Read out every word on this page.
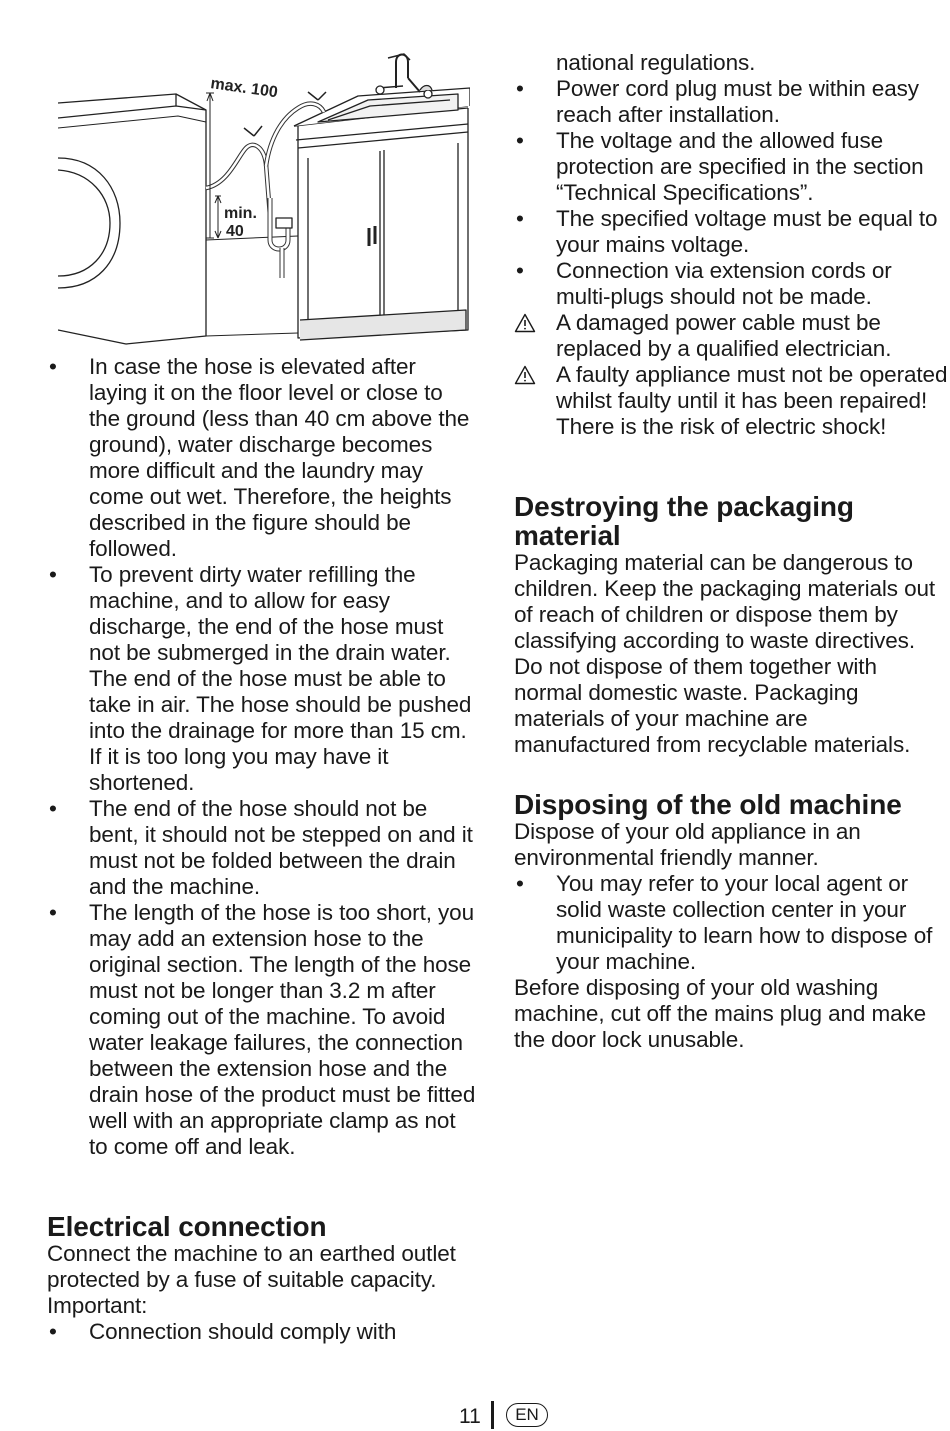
max. 100
min.
40
•	In case the hose is elevated after laying it on the floor level or close to the ground (less than 40 cm above the ground), water discharge becomes more difficult and the laundry may come out wet. Therefore, the heights described in the figure should be followed.
•	To prevent dirty water refilling the machine, and to allow for easy discharge, the end of the hose must not be submerged in the drain water. The end of the hose must be able to take in air. The hose should be pushed into the drainage for more than 15 cm. If it is too long you may have it shortened.
•	The end of the hose should not be bent, it should not be stepped on and it must not be folded between the drain and the machine.
•	The length of the hose is too short, you may add an extension hose to the original section. The length of the hose must not be longer than 3.2 m after coming out of the machine. To avoid water leakage failures, the connection between the extension hose and the drain hose of the product must be fitted well with an appropriate clamp as not to come off and leak.
Electrical connection

Connect the machine to an earthed outlet protected by a fuse of suitable capacity.

Important:

•	Connection should comply with

national regulations.

•	Power cord plug must be within easy reach after installation.
•	The voltage and the allowed fuse protection are specified in the section “Technical Specifications”.
•	The specified voltage must be equal to your mains voltage.
•	Connection via extension cords or multi-plugs should not be made.
A damaged power cable must be replaced by a qualified electrician.
A faulty appliance must not be operated whilst faulty until it has been repaired! There is the risk of electric shock!
Destroying the packaging material

Packaging material can be dangerous to children. Keep the packaging materials out of reach of children or dispose them by classifying according to waste directives. Do not dispose of them together with normal domestic waste. Packaging materials of your machine are manufactured from recyclable materials.

Disposing of the old machine

Dispose of your old appliance in an environmental friendly manner.

•	You may refer to your local agent or solid waste collection center in your municipality to learn how to dispose of your machine.

Before disposing of your old washing machine, cut off the mains plug and make the door lock unusable.

11	EN
